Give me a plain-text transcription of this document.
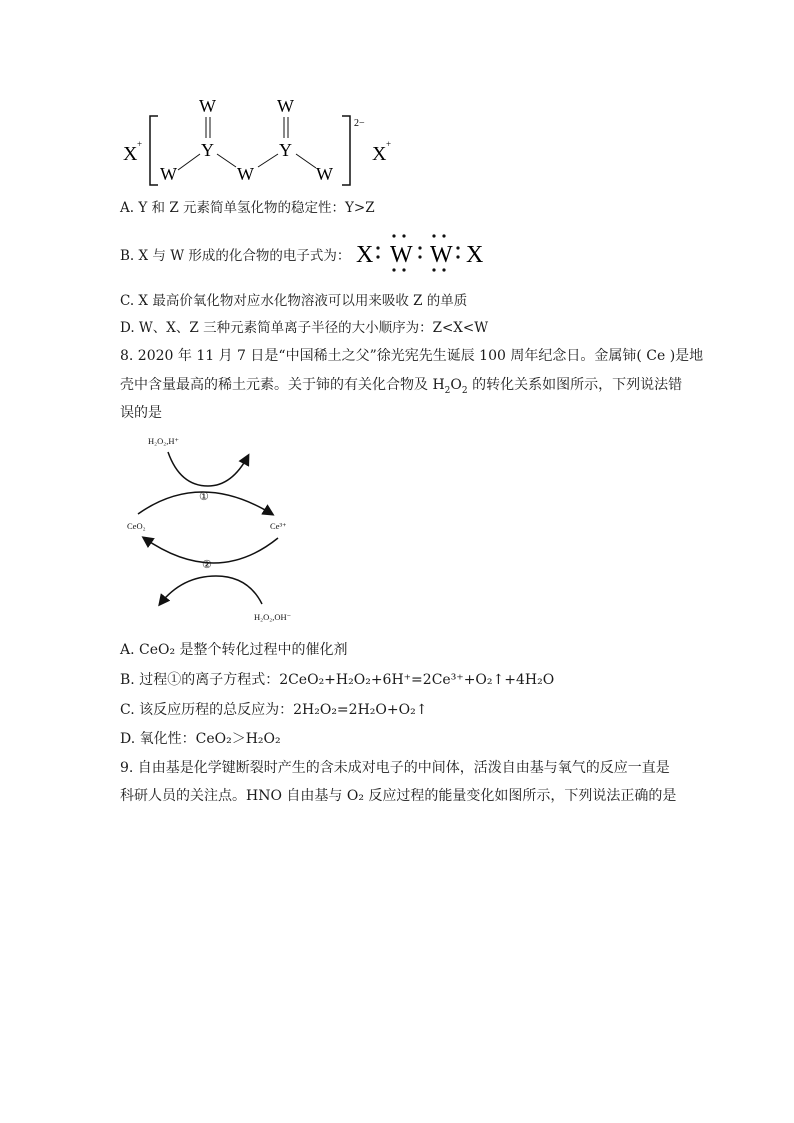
X +
W	W
Y	Y
W	W	W
2−
X +
A. Y 和 Z 元素简单氢化物的稳定性：Y>Z
B. X 与 W 形成的化合物的电子式为： X W W X
C. X 最高价氧化物对应水化物溶液可以用来吸收 Z 的单质
D. W、X、Z 三种元素简单离子半径的大小顺序为：Z<X<W
8. 2020 年 11 月 7 日是“中国稀土之父”徐光宪先生诞辰 100 周年纪念日。金属铈( Ce )是地
壳中含量最高的稀土元素。关于铈的有关化合物及 $H_2O_2$ 的转化关系如图所示，下列说法错
误的是
H₂O₂,H⁺
CeO₂	Ce³⁺
H₂O₂,OH⁻
①
②
A. CeO₂ 是整个转化过程中的催化剂
B. 过程①的离子方程式：2CeO₂+H₂O₂+6H⁺=2Ce³⁺+O₂↑+4H₂O
C. 该反应历程的总反应为：2H₂O₂=2H₂O+O₂↑
D. 氧化性：CeO₂＞H₂O₂
9. 自由基是化学键断裂时产生的含未成对电子的中间体，活泼自由基与氧气的反应一直是
科研人员的关注点。HNO 自由基与 O₂ 反应过程的能量变化如图所示，下列说法正确的是
